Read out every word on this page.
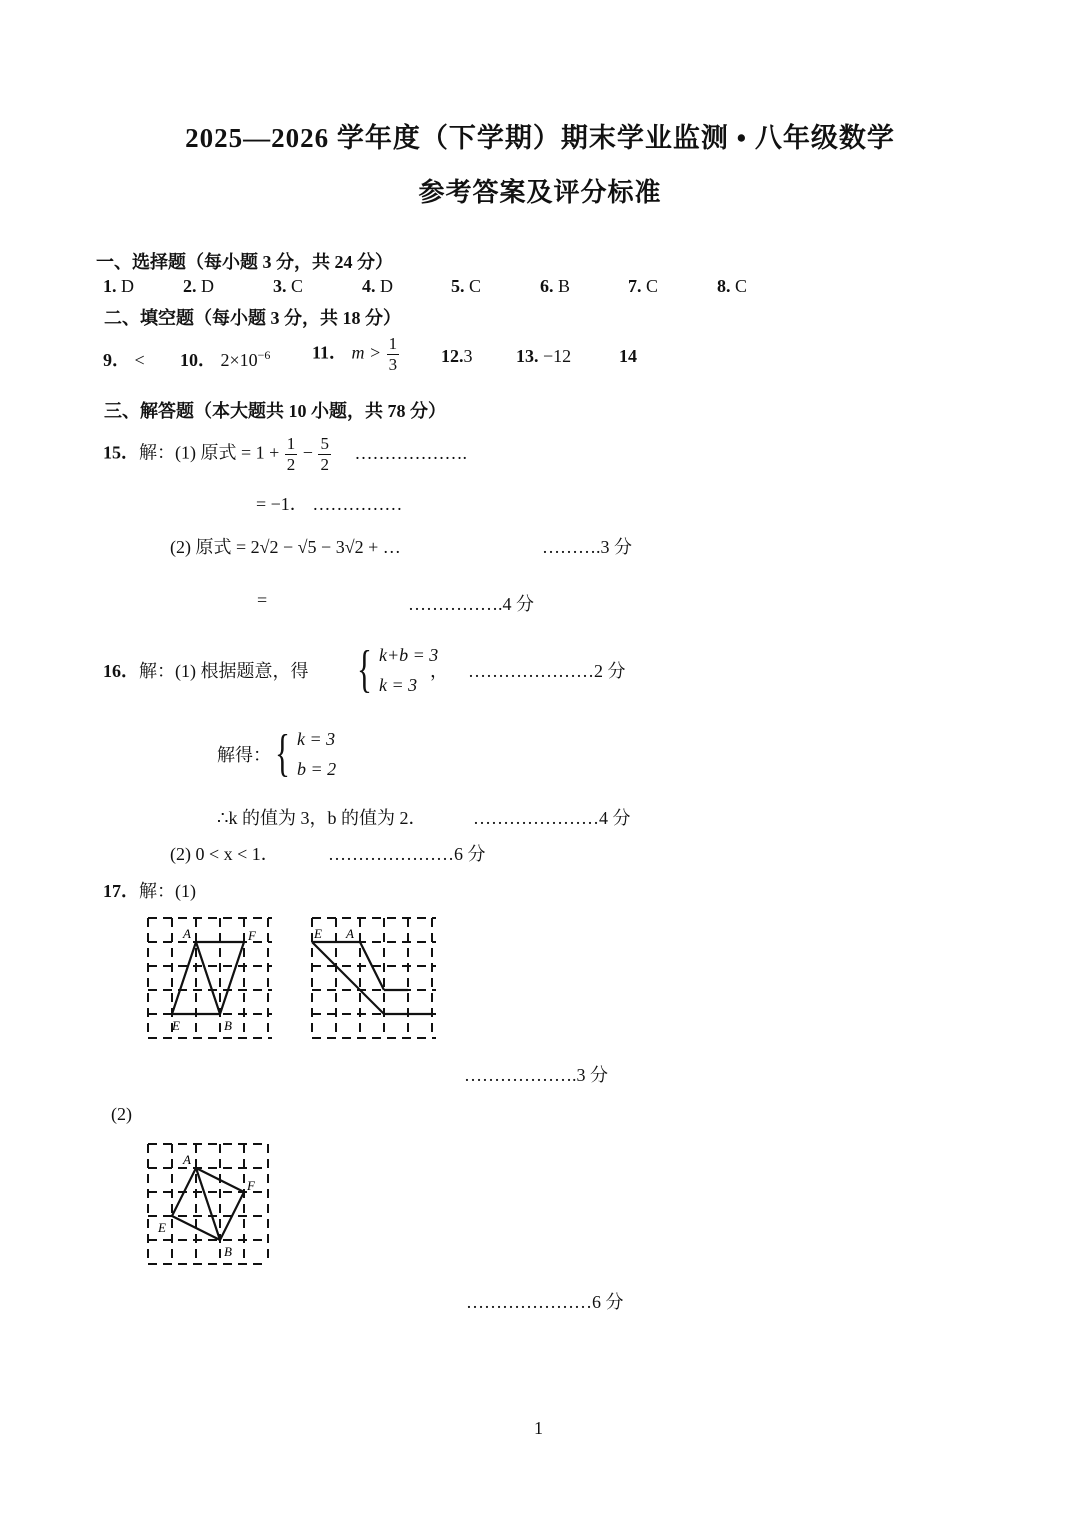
2025—2026 学年度（下学期）期末学业监测 • 八年级数学
参考答案及评分标准
一、选择题（每小题 3 分，共 24 分）
1. D	2. D	3. C	4. D	5. C	6. B	7. C	8. C
二、填空题（每小题 3 分，共 18 分）
9． < 10． $2\times 10^{-6}$ 11． $m > \frac{1}{3} 12.3$ 13. −12	14
三、解答题（本大题共 10 小题，共 78 分）
15．解：(1) 原式 = $1 + \frac{1}{2} - \frac{5}{2}$ ……………….
= −1． ……………
(2) 原式 = 2√2 − √5 − 3√2 + …	……….3 分
=	…………….4 分
16．解：(1) 根据题意，得 { k+b = 3
k = 3
， …………………2 分
解得： { k = 3
b = 2
∴k 的值为 3，b 的值为 2．	…………………4 分
(2) 0 < x < 1．	…………………6 分
17．解：(1)
A	F
E	B
E A
……………….3 分
(2)
A
F
E
B
…………………6 分
1
